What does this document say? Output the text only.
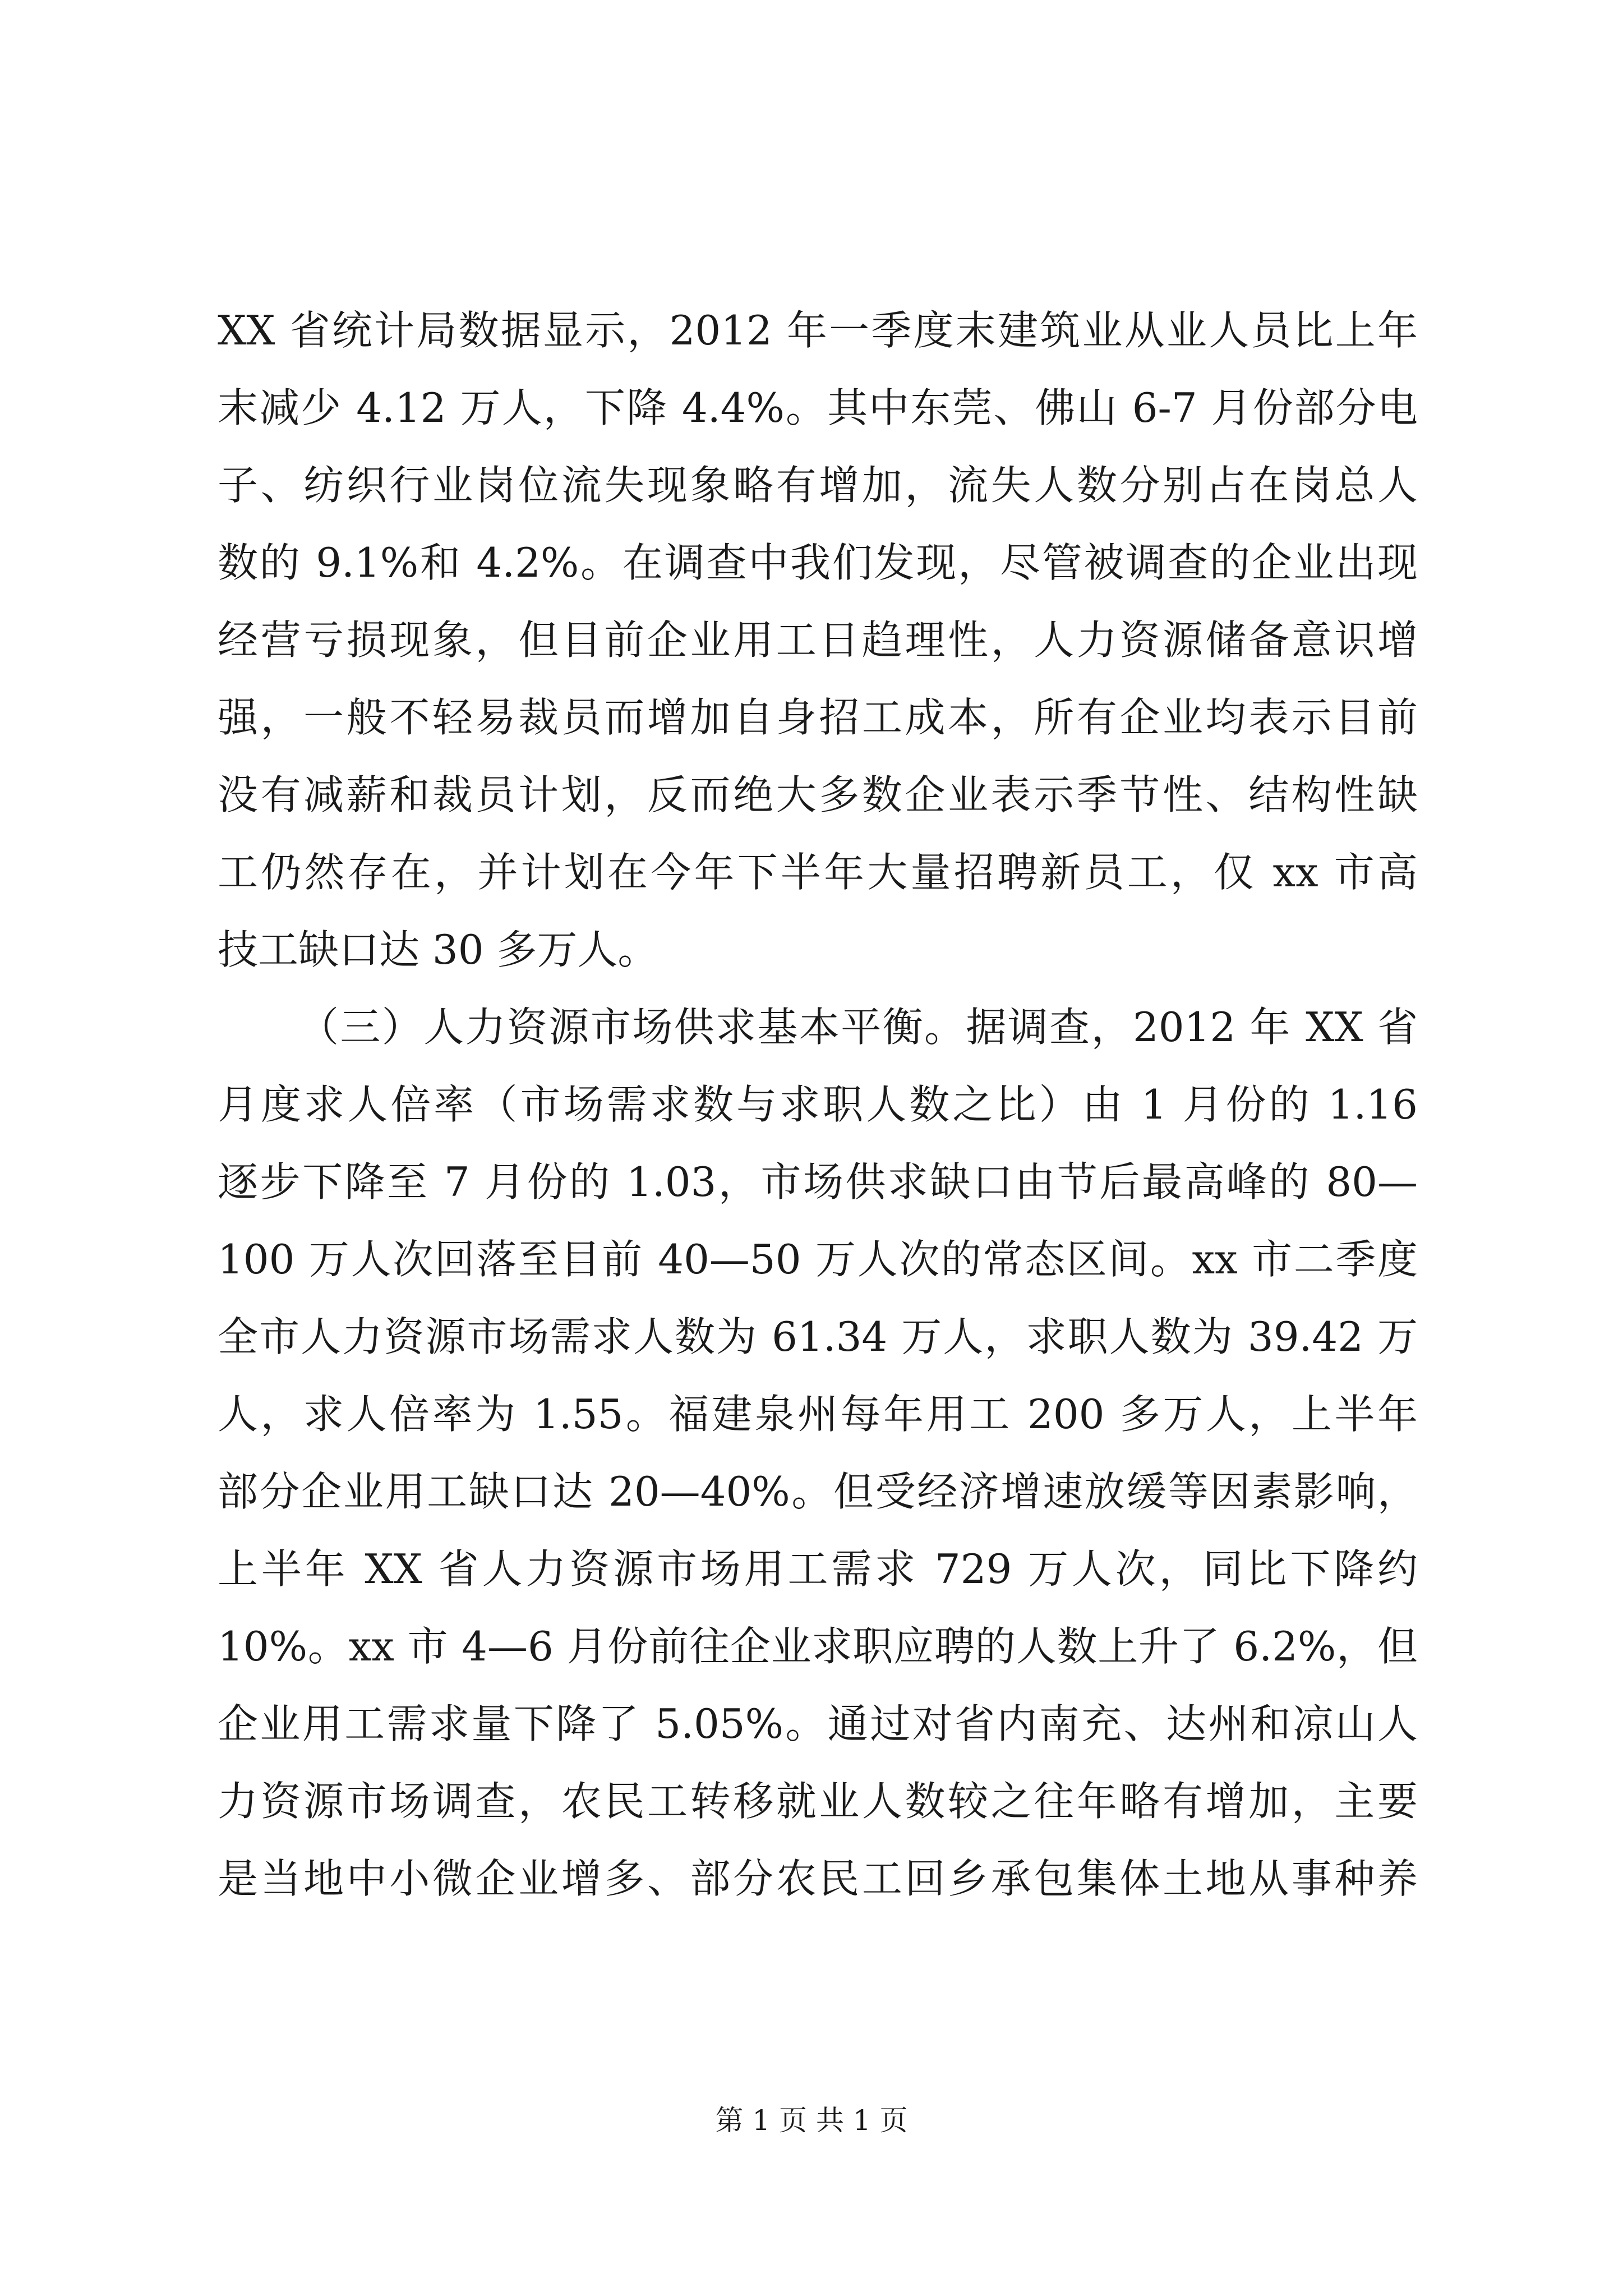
XX 省统计局数据显示，2012 年一季度末建筑业从业人员比上年
末减少 4.12 万人，下降 4.4%。其中东莞、佛山 6-7 月份部分电
子、纺织行业岗位流失现象略有增加，流失人数分别占在岗总人
数的 9.1%和 4.2%。在调查中我们发现，尽管被调查的企业出现
经营亏损现象，但目前企业用工日趋理性，人力资源储备意识增
强，一般不轻易裁员而增加自身招工成本，所有企业均表示目前
没有减薪和裁员计划，反而绝大多数企业表示季节性、结构性缺
工仍然存在，并计划在今年下半年大量招聘新员工，仅 xx 市高
技工缺口达 30 多万人。
（三）人力资源市场供求基本平衡。据调查，2012 年 XX 省
月度求人倍率（市场需求数与求职人数之比）由 1 月份的 1.16
逐步下降至 7 月份的 1.03，市场供求缺口由节后最高峰的 80—
100 万人次回落至目前 40—50 万人次的常态区间。xx 市二季度
全市人力资源市场需求人数为 61.34 万人，求职人数为 39.42 万
人，求人倍率为 1.55。福建泉州每年用工 200 多万人，上半年
部分企业用工缺口达 20—40%。但受经济增速放缓等因素影响，
上半年 XX 省人力资源市场用工需求 729 万人次，同比下降约
10%。xx 市 4—6 月份前往企业求职应聘的人数上升了 6.2%，但
企业用工需求量下降了 5.05%。通过对省内南充、达州和凉山人
力资源市场调查，农民工转移就业人数较之往年略有增加，主要
是当地中小微企业增多、部分农民工回乡承包集体土地从事种养
第 1 页 共 1 页
